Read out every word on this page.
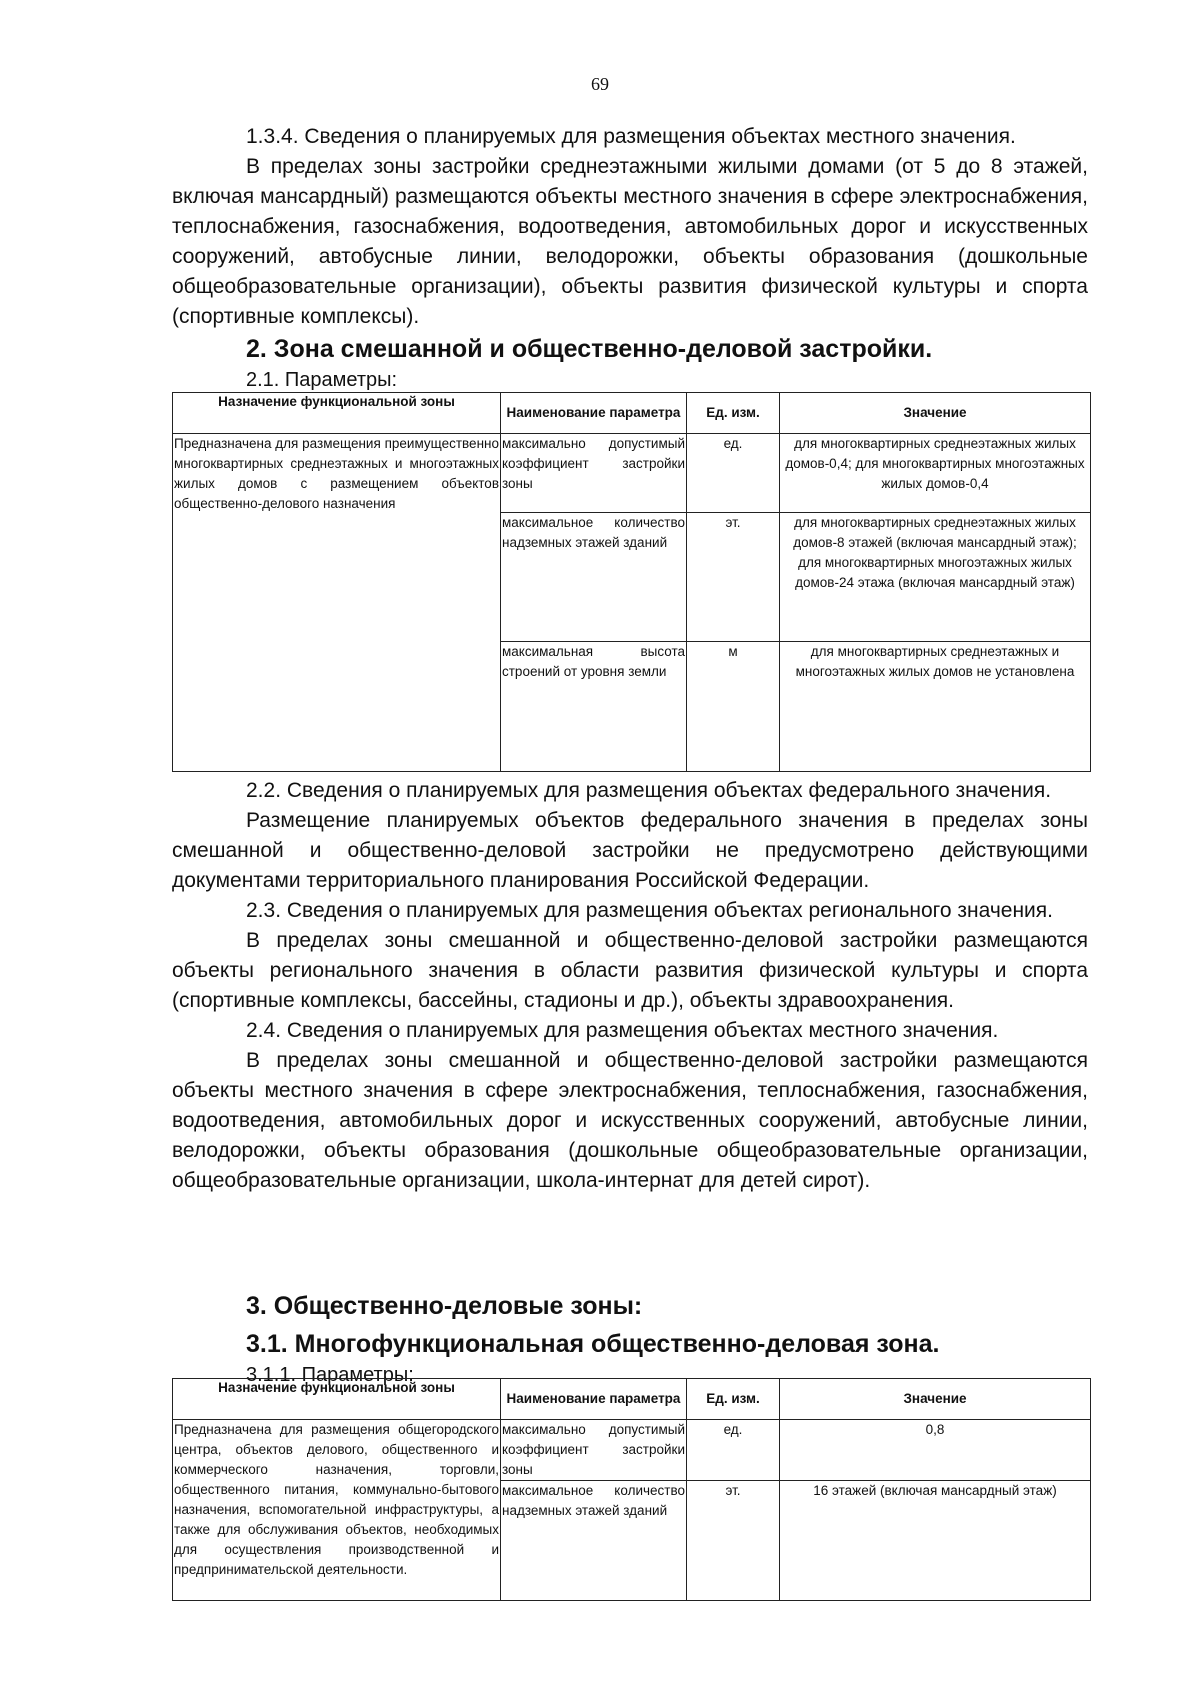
69

1.3.4. Сведения о планируемых для размещения объектах местного значения.

В пределах зоны застройки среднеэтажными жилыми домами (от 5 до 8 этажей, включая мансардный) размещаются объекты местного значения в сфере электроснабжения, теплоснабжения, газоснабжения, водоотведения, автомобильных дорог и искусственных сооружений, автобусные линии, велодорожки, объекты образования (дошкольные общеобразовательные организации), объекты развития физической культуры и спорта (спортивные комплексы).

2. Зона смешанной и общественно-деловой застройки.
2.1. Параметры:
Назначение функциональной зоны	Наименование параметра	Ед. изм.	Значение
Предназначена для размещения преимущественно многоквартирных среднеэтажных и многоэтажных жилых домов с размещением объектов общественно-делового назначения	максимально допустимый коэффициент застройки зоны	ед.	для многоквартирных среднеэтажных жилых домов-0,4; для многоквартирных многоэтажных жилых домов-0,4
	максимальное количество надземных этажей зданий	эт.	для многоквартирных среднеэтажных жилых домов-8 этажей (включая мансардный этаж); для многоквартирных многоэтажных жилых домов-24 этажа (включая мансардный этаж)
	максимальная высота строений от уровня земли	м	для многоквартирных среднеэтажных и многоэтажных жилых домов не установлена

2.2. Сведения о планируемых для размещения объектах федерального значения.

Размещение планируемых объектов федерального значения в пределах зоны смешанной и общественно-деловой застройки не предусмотрено действующими документами территориального планирования Российской Федерации.

2.3. Сведения о планируемых для размещения объектах регионального значения.

В пределах зоны смешанной и общественно-деловой застройки размещаются объекты регионального значения в области развития физической культуры и спорта (спортивные комплексы, бассейны, стадионы и др.), объекты здравоохранения.

2.4. Сведения о планируемых для размещения объектах местного значения.

В пределах зоны смешанной и общественно-деловой застройки размещаются объекты местного значения в сфере электроснабжения, теплоснабжения, газоснабжения, водоотведения, автомобильных дорог и искусственных сооружений, автобусные линии, велодорожки, объекты образования (дошкольные общеобразовательные организации, общеобразовательные организации, школа-интернат для детей сирот).

3. Общественно-деловые зоны:
3.1. Многофункциональная общественно-деловая зона.
3.1.1. Параметры:
Назначение функциональной зоны	Наименование параметра	Ед. изм.	Значение
Предназначена для размещения общегородского центра, объектов делового, общественного и коммерческого назначения, торговли, общественного питания, коммунально-бытового назначения, вспомогательной инфраструктуры, а также для обслуживания объектов, необходимых для осуществления производственной и предпринимательской деятельности.	максимально допустимый коэффициент застройки зоны	ед.	0,8
	максимальное количество надземных этажей зданий	эт.	16 этажей (включая мансардный этаж)
